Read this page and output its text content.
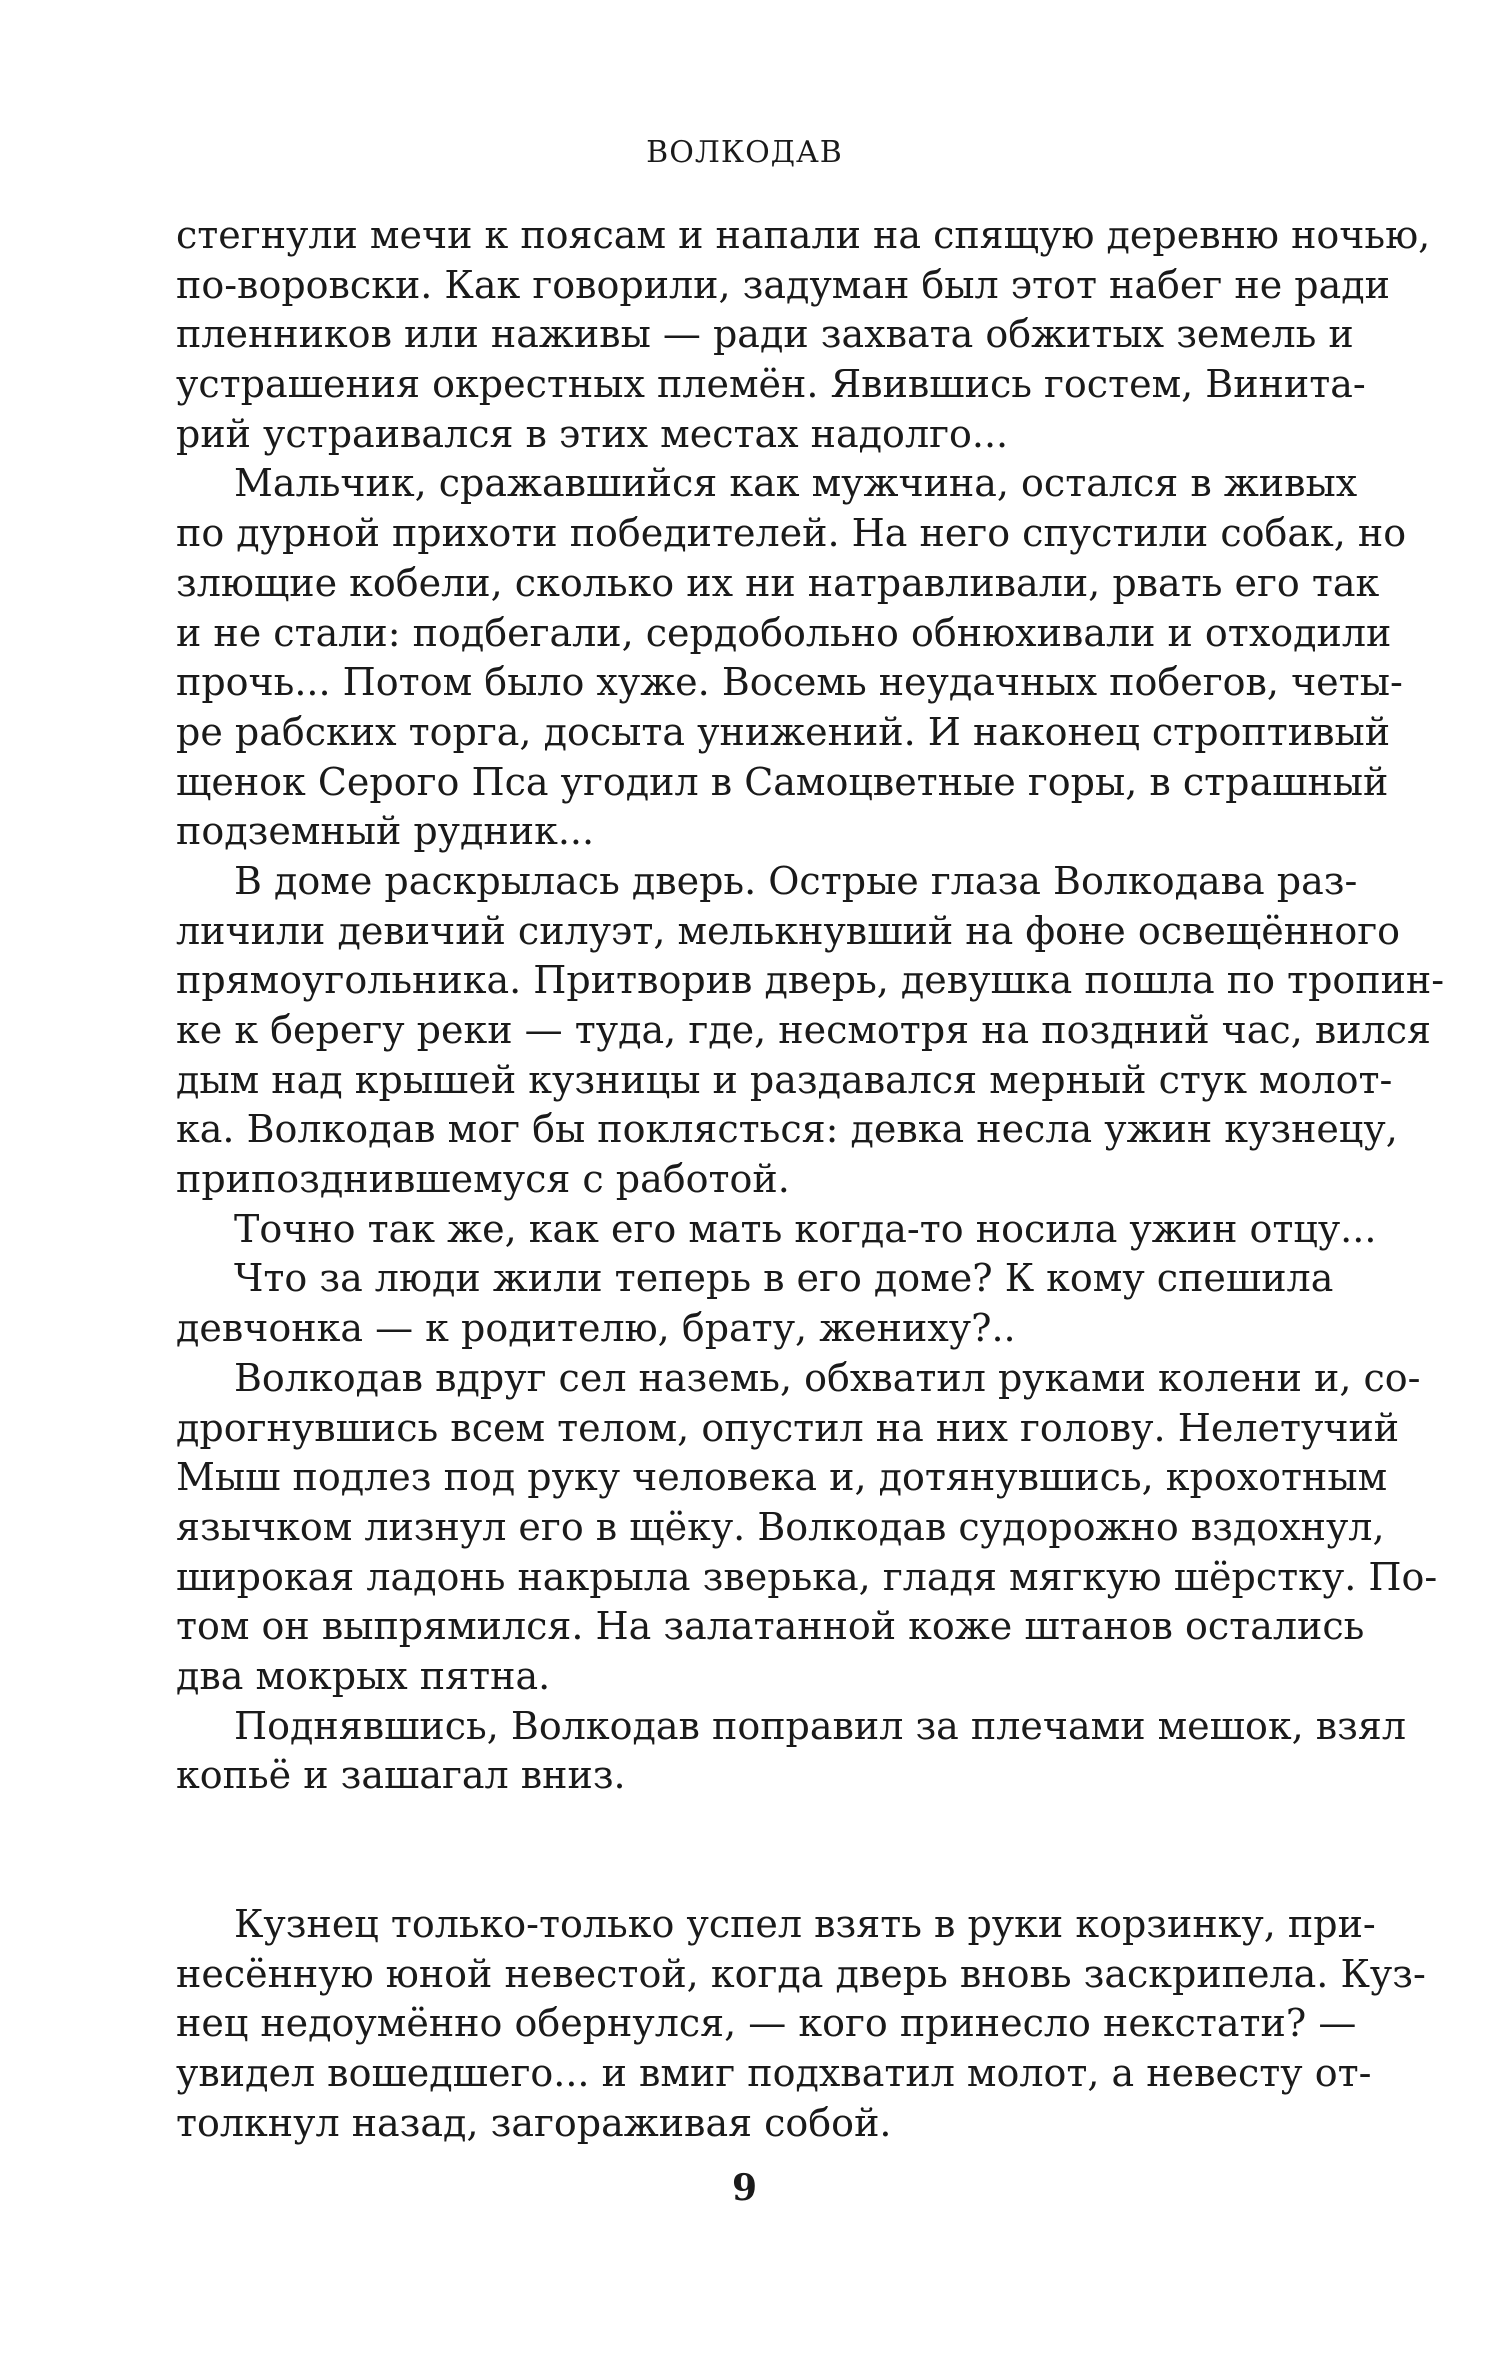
ВОЛКОДАВ
стегнули мечи к поясам и напали на спящую деревню ночью,
по-воровски. Как говорили, задуман был этот набег не ради
пленников или наживы — ради захвата обжитых земель и
устрашения окрестных племён. Явившись гостем, Винита-
рий устраивался в этих местах надолго...
Мальчик, сражавшийся как мужчина, остался в живых
по дурной прихоти победителей. На него спустили собак, но
злющие кобели, сколько их ни натравливали, рвать его так
и не стали: подбегали, сердобольно обнюхивали и отходили
прочь... Потом было хуже. Восемь неудачных побегов, четы-
ре рабских торга, досыта унижений. И наконец строптивый
щенок Серого Пса угодил в Самоцветные горы, в страшный
подземный рудник...
В доме раскрылась дверь. Острые глаза Волкодава раз-
личили девичий силуэт, мелькнувший на фоне освещённого
прямоугольника. Притворив дверь, девушка пошла по тропин-
ке к берегу реки — туда, где, несмотря на поздний час, вился
дым над крышей кузницы и раздавался мерный стук молот-
ка. Волкодав мог бы поклясться: девка несла ужин кузнецу,
припозднившемуся с работой.
Точно так же, как его мать когда-то носила ужин отцу...
Что за люди жили теперь в его доме? К кому спешила
девчонка — к родителю, брату, жениху?..
Волкодав вдруг сел наземь, обхватил руками колени и, со-
дрогнувшись всем телом, опустил на них голову. Нелетучий
Мыш подлез под руку человека и, дотянувшись, крохотным
язычком лизнул его в щёку. Волкодав судорожно вздохнул,
широкая ладонь накрыла зверька, гладя мягкую шёрстку. По-
том он выпрямился. На залатанной коже штанов остались
два мокрых пятна.
Поднявшись, Волкодав поправил за плечами мешок, взял
копьё и зашагал вниз.
Кузнец только-только успел взять в руки корзинку, при-
несённую юной невестой, когда дверь вновь заскрипела. Куз-
нец недоумённо обернулся, — кого принесло некстати? —
увидел вошедшего... и вмиг подхватил молот, а невесту от-
толкнул назад, загораживая собой.
9
